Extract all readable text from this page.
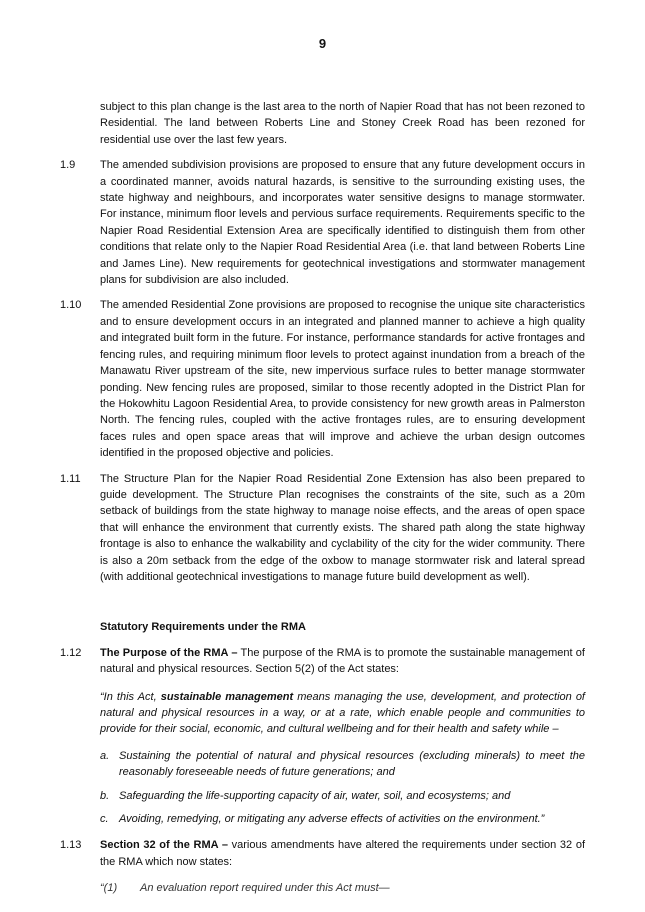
9

subject to this plan change is the last area to the north of Napier Road that has not been rezoned to Residential. The land between Roberts Line and Stoney Creek Road has been rezoned for residential use over the last few years.

1.9 The amended subdivision provisions are proposed to ensure that any future development occurs in a coordinated manner, avoids natural hazards, is sensitive to the surrounding existing uses, the state highway and neighbours, and incorporates water sensitive designs to manage stormwater. For instance, minimum floor levels and pervious surface requirements. Requirements specific to the Napier Road Residential Extension Area are specifically identified to distinguish them from other conditions that relate only to the Napier Road Residential Area (i.e. that land between Roberts Line and James Line). New requirements for geotechnical investigations and stormwater management plans for subdivision are also included.

1.10 The amended Residential Zone provisions are proposed to recognise the unique site characteristics and to ensure development occurs in an integrated and planned manner to achieve a high quality and integrated built form in the future. For instance, performance standards for active frontages and fencing rules, and requiring minimum floor levels to protect against inundation from a breach of the Manawatu River upstream of the site, new impervious surface rules to better manage stormwater ponding. New fencing rules are proposed, similar to those recently adopted in the District Plan for the Hokowhitu Lagoon Residential Area, to provide consistency for new growth areas in Palmerston North. The fencing rules, coupled with the active frontages rules, are to ensuring development faces rules and open space areas that will improve and achieve the urban design outcomes identified in the proposed objective and policies.

1.11 The Structure Plan for the Napier Road Residential Zone Extension has also been prepared to guide development. The Structure Plan recognises the constraints of the site, such as a 20m setback of buildings from the state highway to manage noise effects, and the areas of open space that will enhance the environment that currently exists. The shared path along the state highway frontage is also to enhance the walkability and cyclability of the city for the wider community. There is also a 20m setback from the edge of the oxbow to manage stormwater risk and lateral spread (with additional geotechnical investigations to manage future build development as well).

Statutory Requirements under the RMA

1.12 The Purpose of the RMA – The purpose of the RMA is to promote the sustainable management of natural and physical resources. Section 5(2) of the Act states:

“In this Act, sustainable management means managing the use, development, and protection of natural and physical resources in a way, or at a rate, which enable people and communities to provide for their social, economic, and cultural wellbeing and for their health and safety while –

a. Sustaining the potential of natural and physical resources (excluding minerals) to meet the reasonably foreseeable needs of future generations; and

b. Safeguarding the life-supporting capacity of air, water, soil, and ecosystems; and

c. Avoiding, remedying, or mitigating any adverse effects of activities on the environment.”

1.13 Section 32 of the RMA – various amendments have altered the requirements under section 32 of the RMA which now states:

“(1) An evaluation report required under this Act must—
